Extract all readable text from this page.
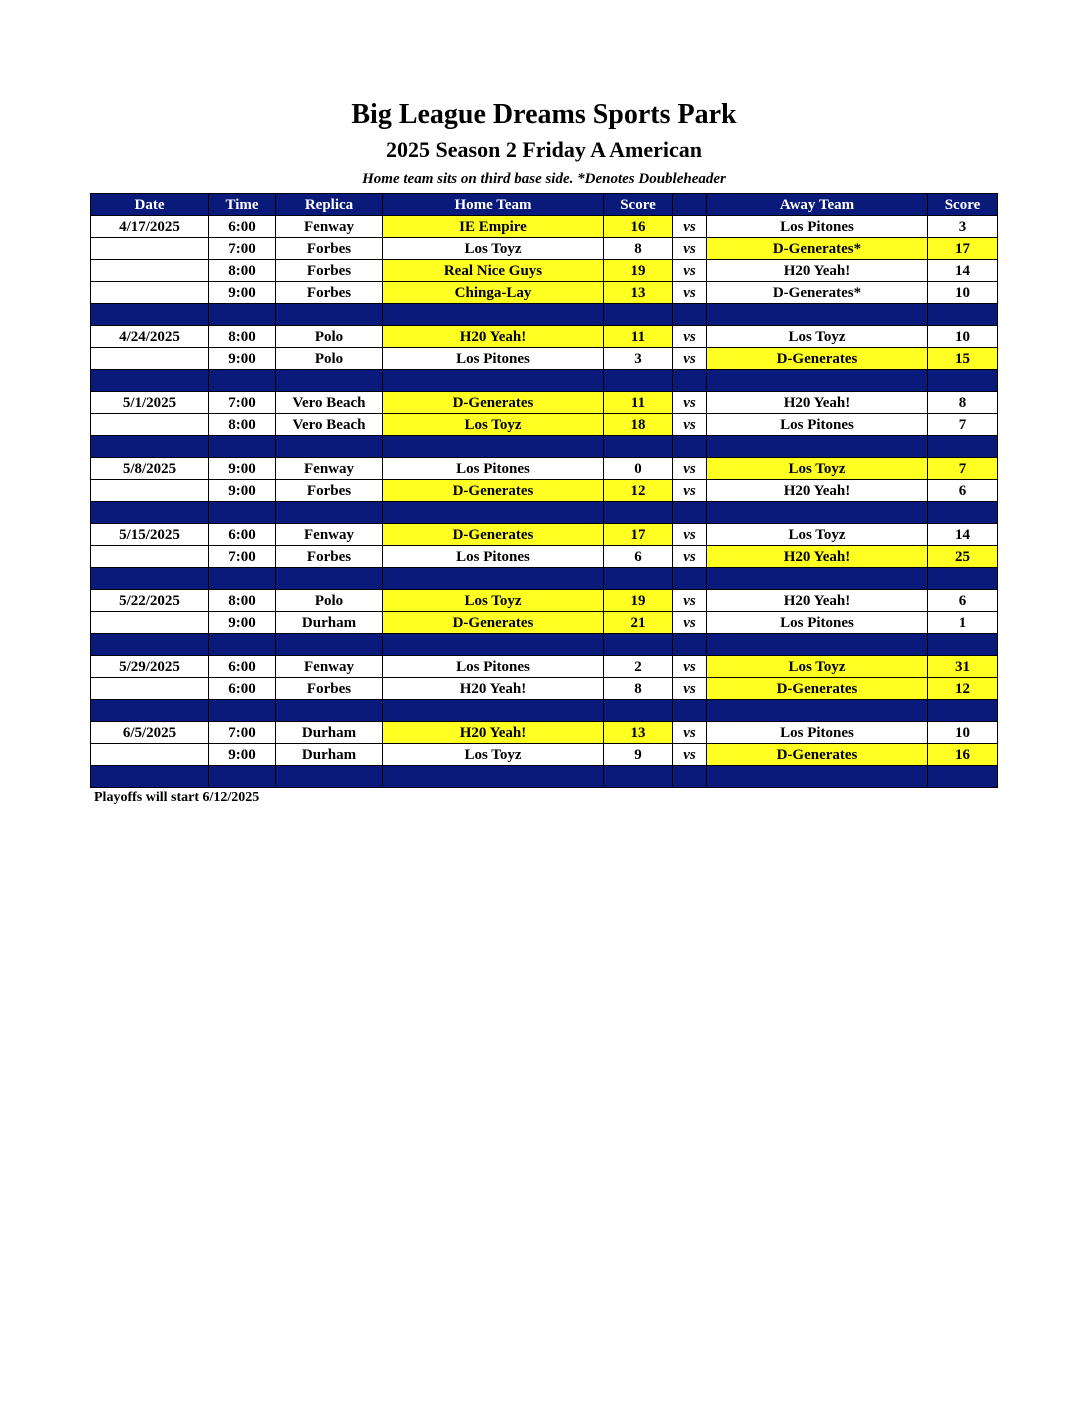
Big League Dreams Sports Park
2025 Season 2 Friday A American
Home team sits on third base side. *Denotes Doubleheader
Date	Time	Replica	Home Team	Score		Away Team	Score
4/17/2025	6:00	Fenway	IE Empire	16	vs	Los Pitones	3
	7:00	Forbes	Los Toyz	8	vs	D-Generates*	17
	8:00	Forbes	Real Nice Guys	19	vs	H20 Yeah!	14
	9:00	Forbes	Chinga-Lay	13	vs	D-Generates*	10

4/24/2025	8:00	Polo	H20 Yeah!	11	vs	Los Toyz	10
	9:00	Polo	Los Pitones	3	vs	D-Generates	15

5/1/2025	7:00	Vero Beach	D-Generates	11	vs	H20 Yeah!	8
	8:00	Vero Beach	Los Toyz	18	vs	Los Pitones	7

5/8/2025	9:00	Fenway	Los Pitones	0	vs	Los Toyz	7
	9:00	Forbes	D-Generates	12	vs	H20 Yeah!	6

5/15/2025	6:00	Fenway	D-Generates	17	vs	Los Toyz	14
	7:00	Forbes	Los Pitones	6	vs	H20 Yeah!	25

5/22/2025	8:00	Polo	Los Toyz	19	vs	H20 Yeah!	6
	9:00	Durham	D-Generates	21	vs	Los Pitones	1

5/29/2025	6:00	Fenway	Los Pitones	2	vs	Los Toyz	31
	6:00	Forbes	H20 Yeah!	8	vs	D-Generates	12

6/5/2025	7:00	Durham	H20 Yeah!	13	vs	Los Pitones	10
	9:00	Durham	Los Toyz	9	vs	D-Generates	16

Playoffs will start 6/12/2025
